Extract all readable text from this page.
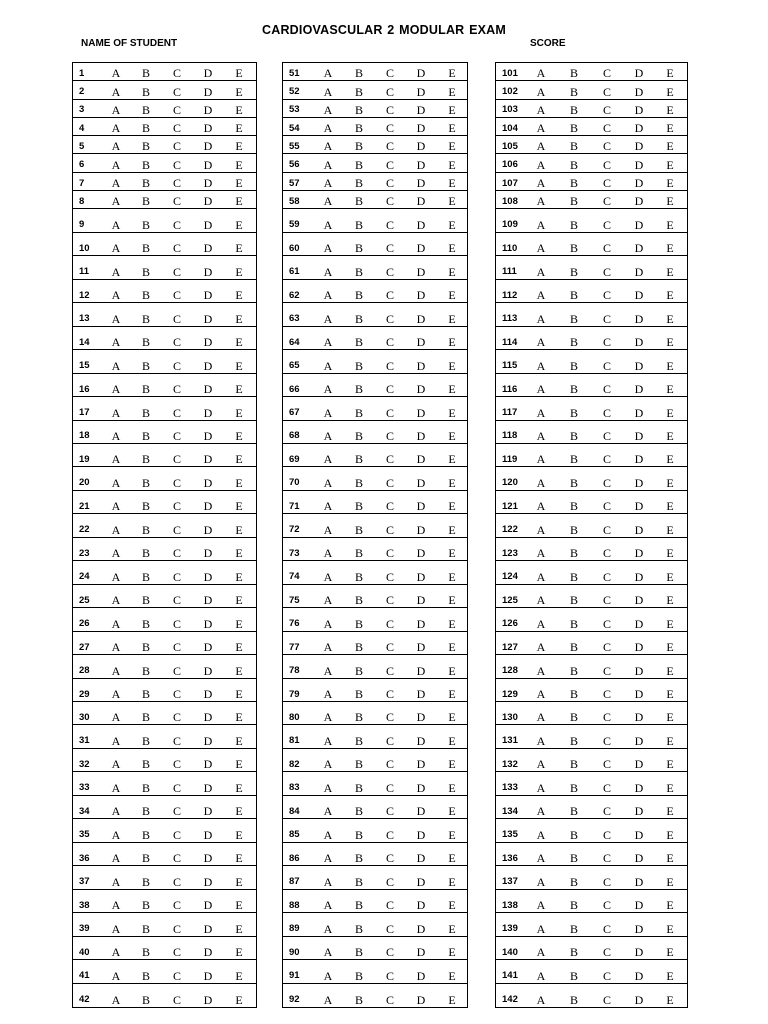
CARDIOVASCULAR 2 MODULAR EXAM
NAME OF STUDENT	SCORE
1 A B C D E
2 A B C D E
3 A B C D E
4 A B C D E
5 A B C D E
6 A B C D E
7 A B C D E
8 A B C D E
9 A B C D E
10 A B C D E
11 A B C D E
12 A B C D E
13 A B C D E
14 A B C D E
15 A B C D E
16 A B C D E
17 A B C D E
18 A B C D E
19 A B C D E
20 A B C D E
21 A B C D E
22 A B C D E
23 A B C D E
24 A B C D E
25 A B C D E
26 A B C D E
27 A B C D E
28 A B C D E
29 A B C D E
30 A B C D E
31 A B C D E
32 A B C D E
33 A B C D E
34 A B C D E
35 A B C D E
36 A B C D E
37 A B C D E
38 A B C D E
39 A B C D E
40 A B C D E
41 A B C D E
42 A B C D E
51 A B C D E
52 A B C D E
53 A B C D E
54 A B C D E
55 A B C D E
56 A B C D E
57 A B C D E
58 A B C D E
59 A B C D E
60 A B C D E
61 A B C D E
62 A B C D E
63 A B C D E
64 A B C D E
65 A B C D E
66 A B C D E
67 A B C D E
68 A B C D E
69 A B C D E
70 A B C D E
71 A B C D E
72 A B C D E
73 A B C D E
74 A B C D E
75 A B C D E
76 A B C D E
77 A B C D E
78 A B C D E
79 A B C D E
80 A B C D E
81 A B C D E
82 A B C D E
83 A B C D E
84 A B C D E
85 A B C D E
86 A B C D E
87 A B C D E
88 A B C D E
89 A B C D E
90 A B C D E
91 A B C D E
92 A B C D E
101 A B C D E
102 A B C D E
103 A B C D E
104 A B C D E
105 A B C D E
106 A B C D E
107 A B C D E
108 A B C D E
109 A B C D E
110 A B C D E
111 A B C D E
112 A B C D E
113 A B C D E
114 A B C D E
115 A B C D E
116 A B C D E
117 A B C D E
118 A B C D E
119 A B C D E
120 A B C D E
121 A B C D E
122 A B C D E
123 A B C D E
124 A B C D E
125 A B C D E
126 A B C D E
127 A B C D E
128 A B C D E
129 A B C D E
130 A B C D E
131 A B C D E
132 A B C D E
133 A B C D E
134 A B C D E
135 A B C D E
136 A B C D E
137 A B C D E
138 A B C D E
139 A B C D E
140 A B C D E
141 A B C D E
142 A B C D E
